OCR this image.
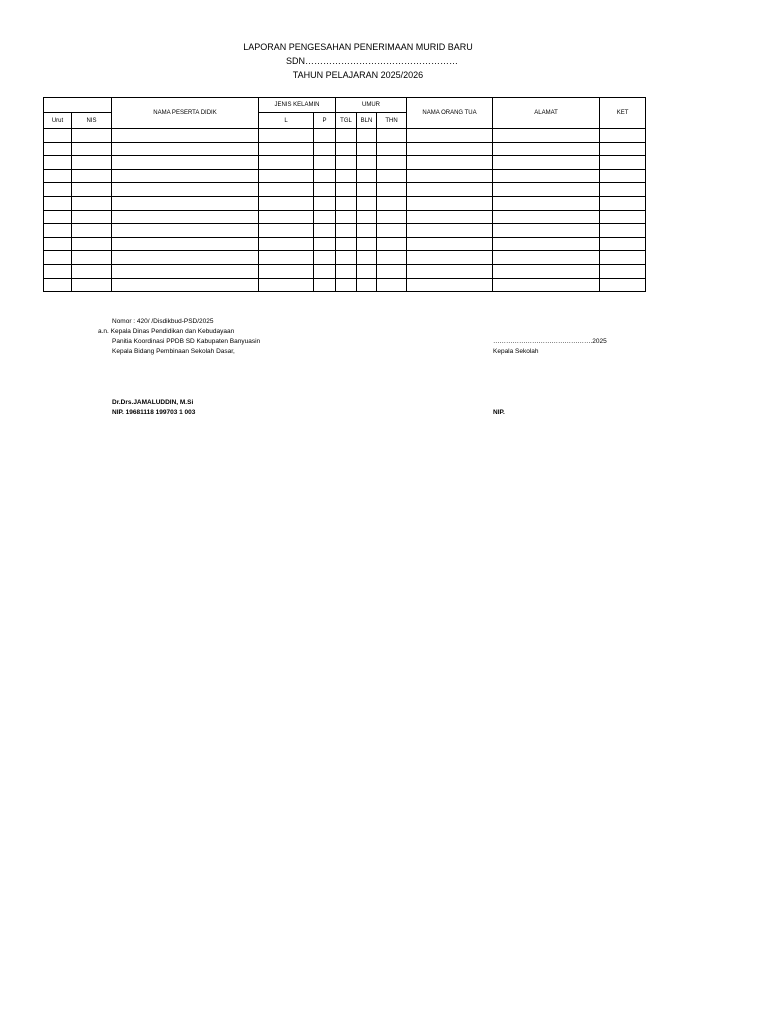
LAPORAN PENGESAHAN PENERIMAAN MURID BARU
SDN……………………………………………
TAHUN PELAJARAN 2025/2026
		NAMA PESERTA DIDIK	JENIS KELAMIN		UMUR			NAMA ORANG TUA	ALAMAT	KET
Urut	NIS		L	P	TGL	BLN	THN			

Nomor : 420/ /Disdikbud-PSD/2025
a.n. Kepala Dinas Pendidikan dan Kebudayaan
Panitia Koordinasi PPDB SD Kabupaten Banyuasin
Kepala Bidang Pembinaan Sekolah Dasar,
Dr.Drs.JAMALUDDIN, M.Si
NIP. 19681118 199703 1 003
……………………………………….2025
Kepala Sekolah
NIP.
